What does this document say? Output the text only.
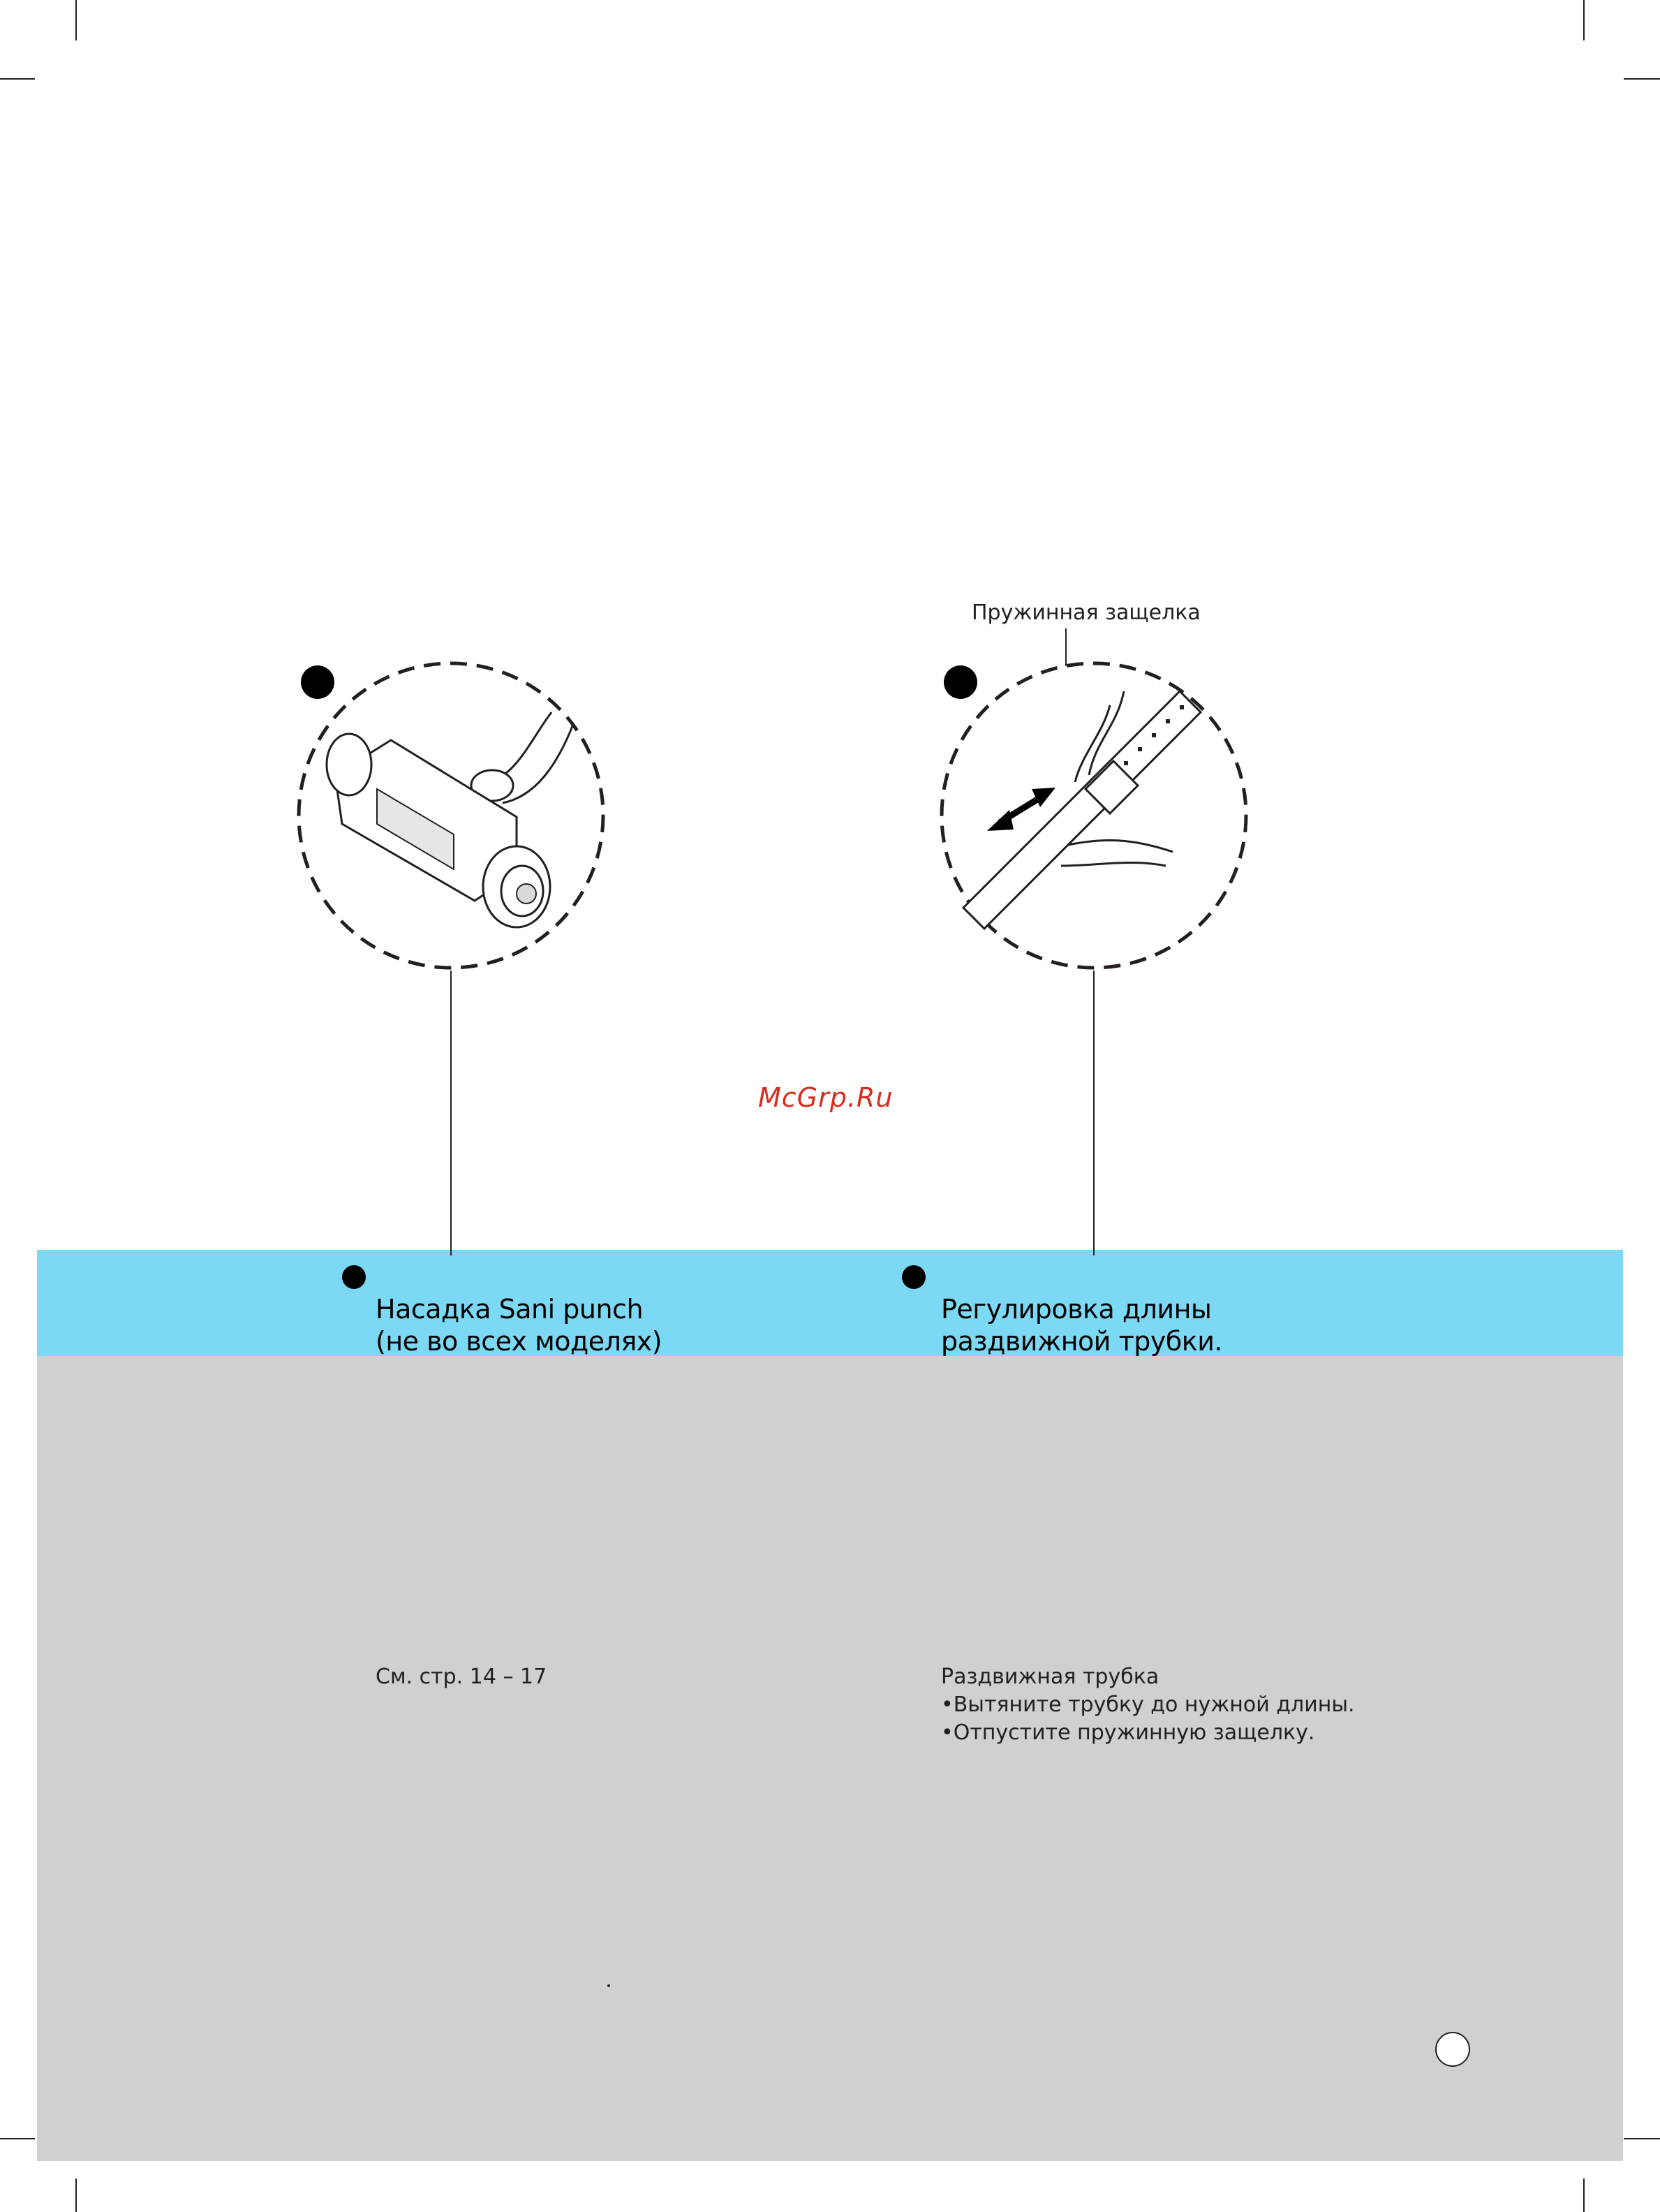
Пружинная защелка
McGrp.Ru
Насадка Sani punch
(не во всех моделях)
См. стр. 14 – 17
Регулировка длины
раздвижной трубки.
Раздвижная трубка
• Вытяните трубку до нужной длины.
• Отпустите пружинную защелку.
